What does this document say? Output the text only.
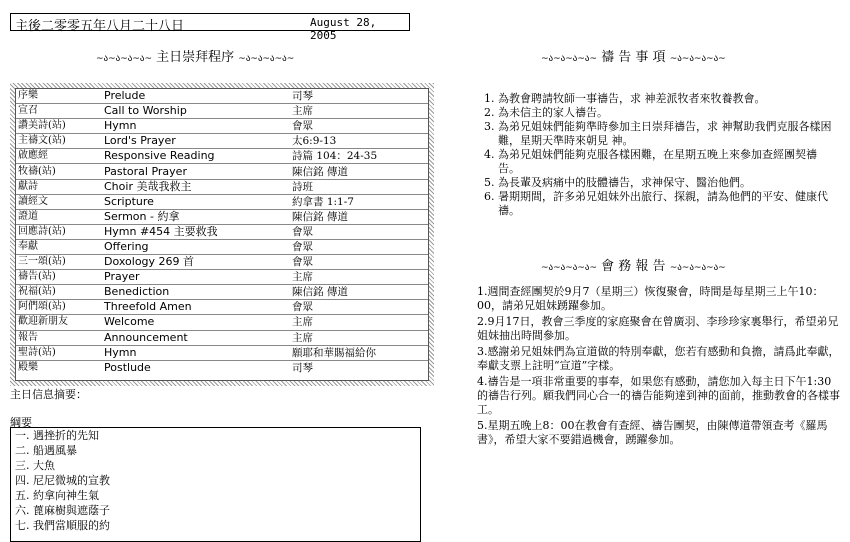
主後二零零五年八月二十八日	August 28, 2005
~ა~ა~ა~ა~ 主日崇拜程序 ~ა~ა~ა~ა~
序樂	Prelude	司琴
宣召	Call to Worship	主席
讚美詩(站)	Hymn	會眾
主禱文(站)	Lord's Prayer	太6:9-13
啟應經	Responsive Reading	詩篇 104：24-35
牧禱(站)	Pastoral Prayer	陳信銘 傳道
獻詩	Choir 美哉我救主	詩班
讀經文	Scripture	約拿書 1:1-7
證道	Sermon - 約拿	陳信銘 傳道
回應詩(站)	Hymn #454 主要救我	會眾
奉獻	Offering	會眾
三一頌(站)	Doxology 269 首	會眾
禱告(站)	Prayer	主席
祝福(站)	Benediction	陳信銘 傳道
阿們頌(站)	Threefold Amen	會眾
歡迎新朋友	Welcome	主席
報告	Announcement	主席
聖詩(站)	Hymn	願耶和華賜福給你
殿樂	Postlude	司琴
主日信息摘要：
綱要
一. 遇挫折的先知
二. 船遇風暴
三. 大魚
四. 尼尼微城的宣教
五. 約拿向神生氣
六. 蓖麻樹與遮蔭子
七. 我們當順服的約
~ა~ა~ა~ა~ 禱 告 事 項 ~ა~ა~ა~ა~
1. 為教會聘請牧師一事禱告，求 神差派牧者來牧養教會。
2. 為未信主的家人禱告。
3. 為弟兄姐妹們能夠準時參加主日崇拜禱告，求 神幫助我們克服各樣困難，星期天準時來朝見 神。
4. 為弟兄姐妹們能夠克服各樣困難，在星期五晚上來參加查經團契禱告。
5. 為長輩及病痛中的肢體禱告，求神保守、醫治他們。
6. 暑期期間，許多弟兄姐妹外出旅行、探親，請為他們的平安、健康代禱。
~ა~ა~ა~ა~ 會 務 報 告 ~ა~ა~ა~ა~

1.週間查經團契於9月7（星期三）恢復聚會，時間是每星期三上午10：00，請弟兄姐妹踴躍參加。

2.9月17日，教會三季度的家庭聚會在曾廣羽、李珍珍家裏舉行，希望弟兄姐妹抽出時間參加。

3.感謝弟兄姐妹們為宣道做的特別奉獻，您若有感動和負擔，請爲此奉獻，奉獻支票上註明“宣道”字樣。

4.禱告是一項非常重要的事奉，如果您有感動，請您加入每主日下午1:30的禱告行列。願我們同心合一的禱告能夠達到神的面前，推動教會的各樣事工。

5.星期五晚上8：00在教會有查經、禱告團契，由陳傳道帶領查考《羅馬書》，希望大家不要錯過機會，踴躍參加。
